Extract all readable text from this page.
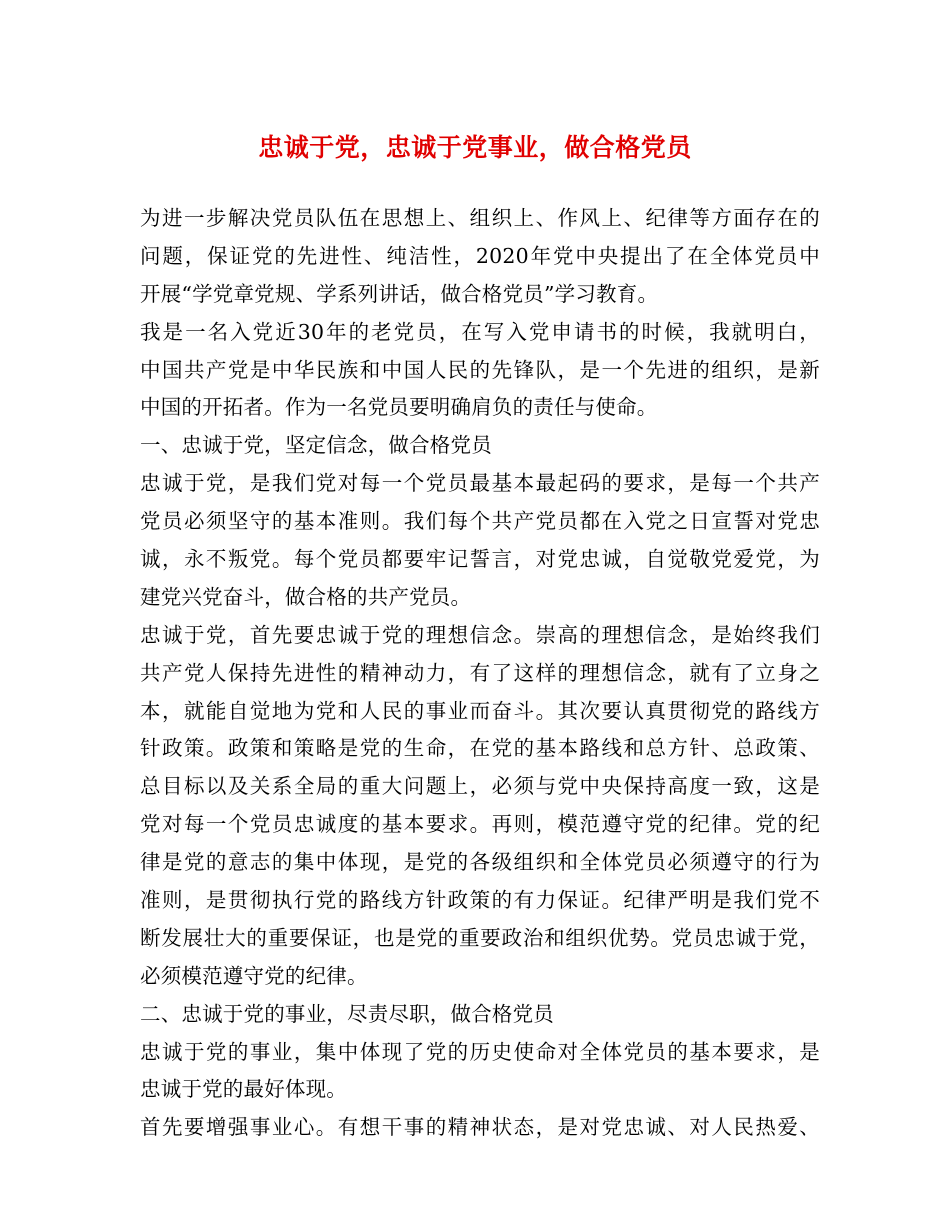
忠诚于党，忠诚于党事业，做合格党员
为进一步解决党员队伍在思想上、组织上、作风上、纪律等方面存在的
问题，保证党的先进性、纯洁性，2020年党中央提出了在全体党员中
开展“学党章党规、学系列讲话，做合格党员”学习教育。
我是一名入党近30年的老党员，在写入党申请书的时候，我就明白，
中国共产党是中华民族和中国人民的先锋队，是一个先进的组织，是新
中国的开拓者。作为一名党员要明确肩负的责任与使命。
一、忠诚于党，坚定信念，做合格党员
忠诚于党，是我们党对每一个党员最基本最起码的要求，是每一个共产
党员必须坚守的基本准则。我们每个共产党员都在入党之日宣誓对党忠
诚，永不叛党。每个党员都要牢记誓言，对党忠诚，自觉敬党爱党，为
建党兴党奋斗，做合格的共产党员。
忠诚于党，首先要忠诚于党的理想信念。崇高的理想信念，是始终我们
共产党人保持先进性的精神动力，有了这样的理想信念，就有了立身之
本，就能自觉地为党和人民的事业而奋斗。其次要认真贯彻党的路线方
针政策。政策和策略是党的生命，在党的基本路线和总方针、总政策、
总目标以及关系全局的重大问题上，必须与党中央保持高度一致，这是
党对每一个党员忠诚度的基本要求。再则，模范遵守党的纪律。党的纪
律是党的意志的集中体现，是党的各级组织和全体党员必须遵守的行为
准则，是贯彻执行党的路线方针政策的有力保证。纪律严明是我们党不
断发展壮大的重要保证，也是党的重要政治和组织优势。党员忠诚于党，
必须模范遵守党的纪律。
二、忠诚于党的事业，尽责尽职，做合格党员
忠诚于党的事业，集中体现了党的历史使命对全体党员的基本要求，是
忠诚于党的最好体现。
首先要增强事业心。有想干事的精神状态，是对党忠诚、对人民热爱、
